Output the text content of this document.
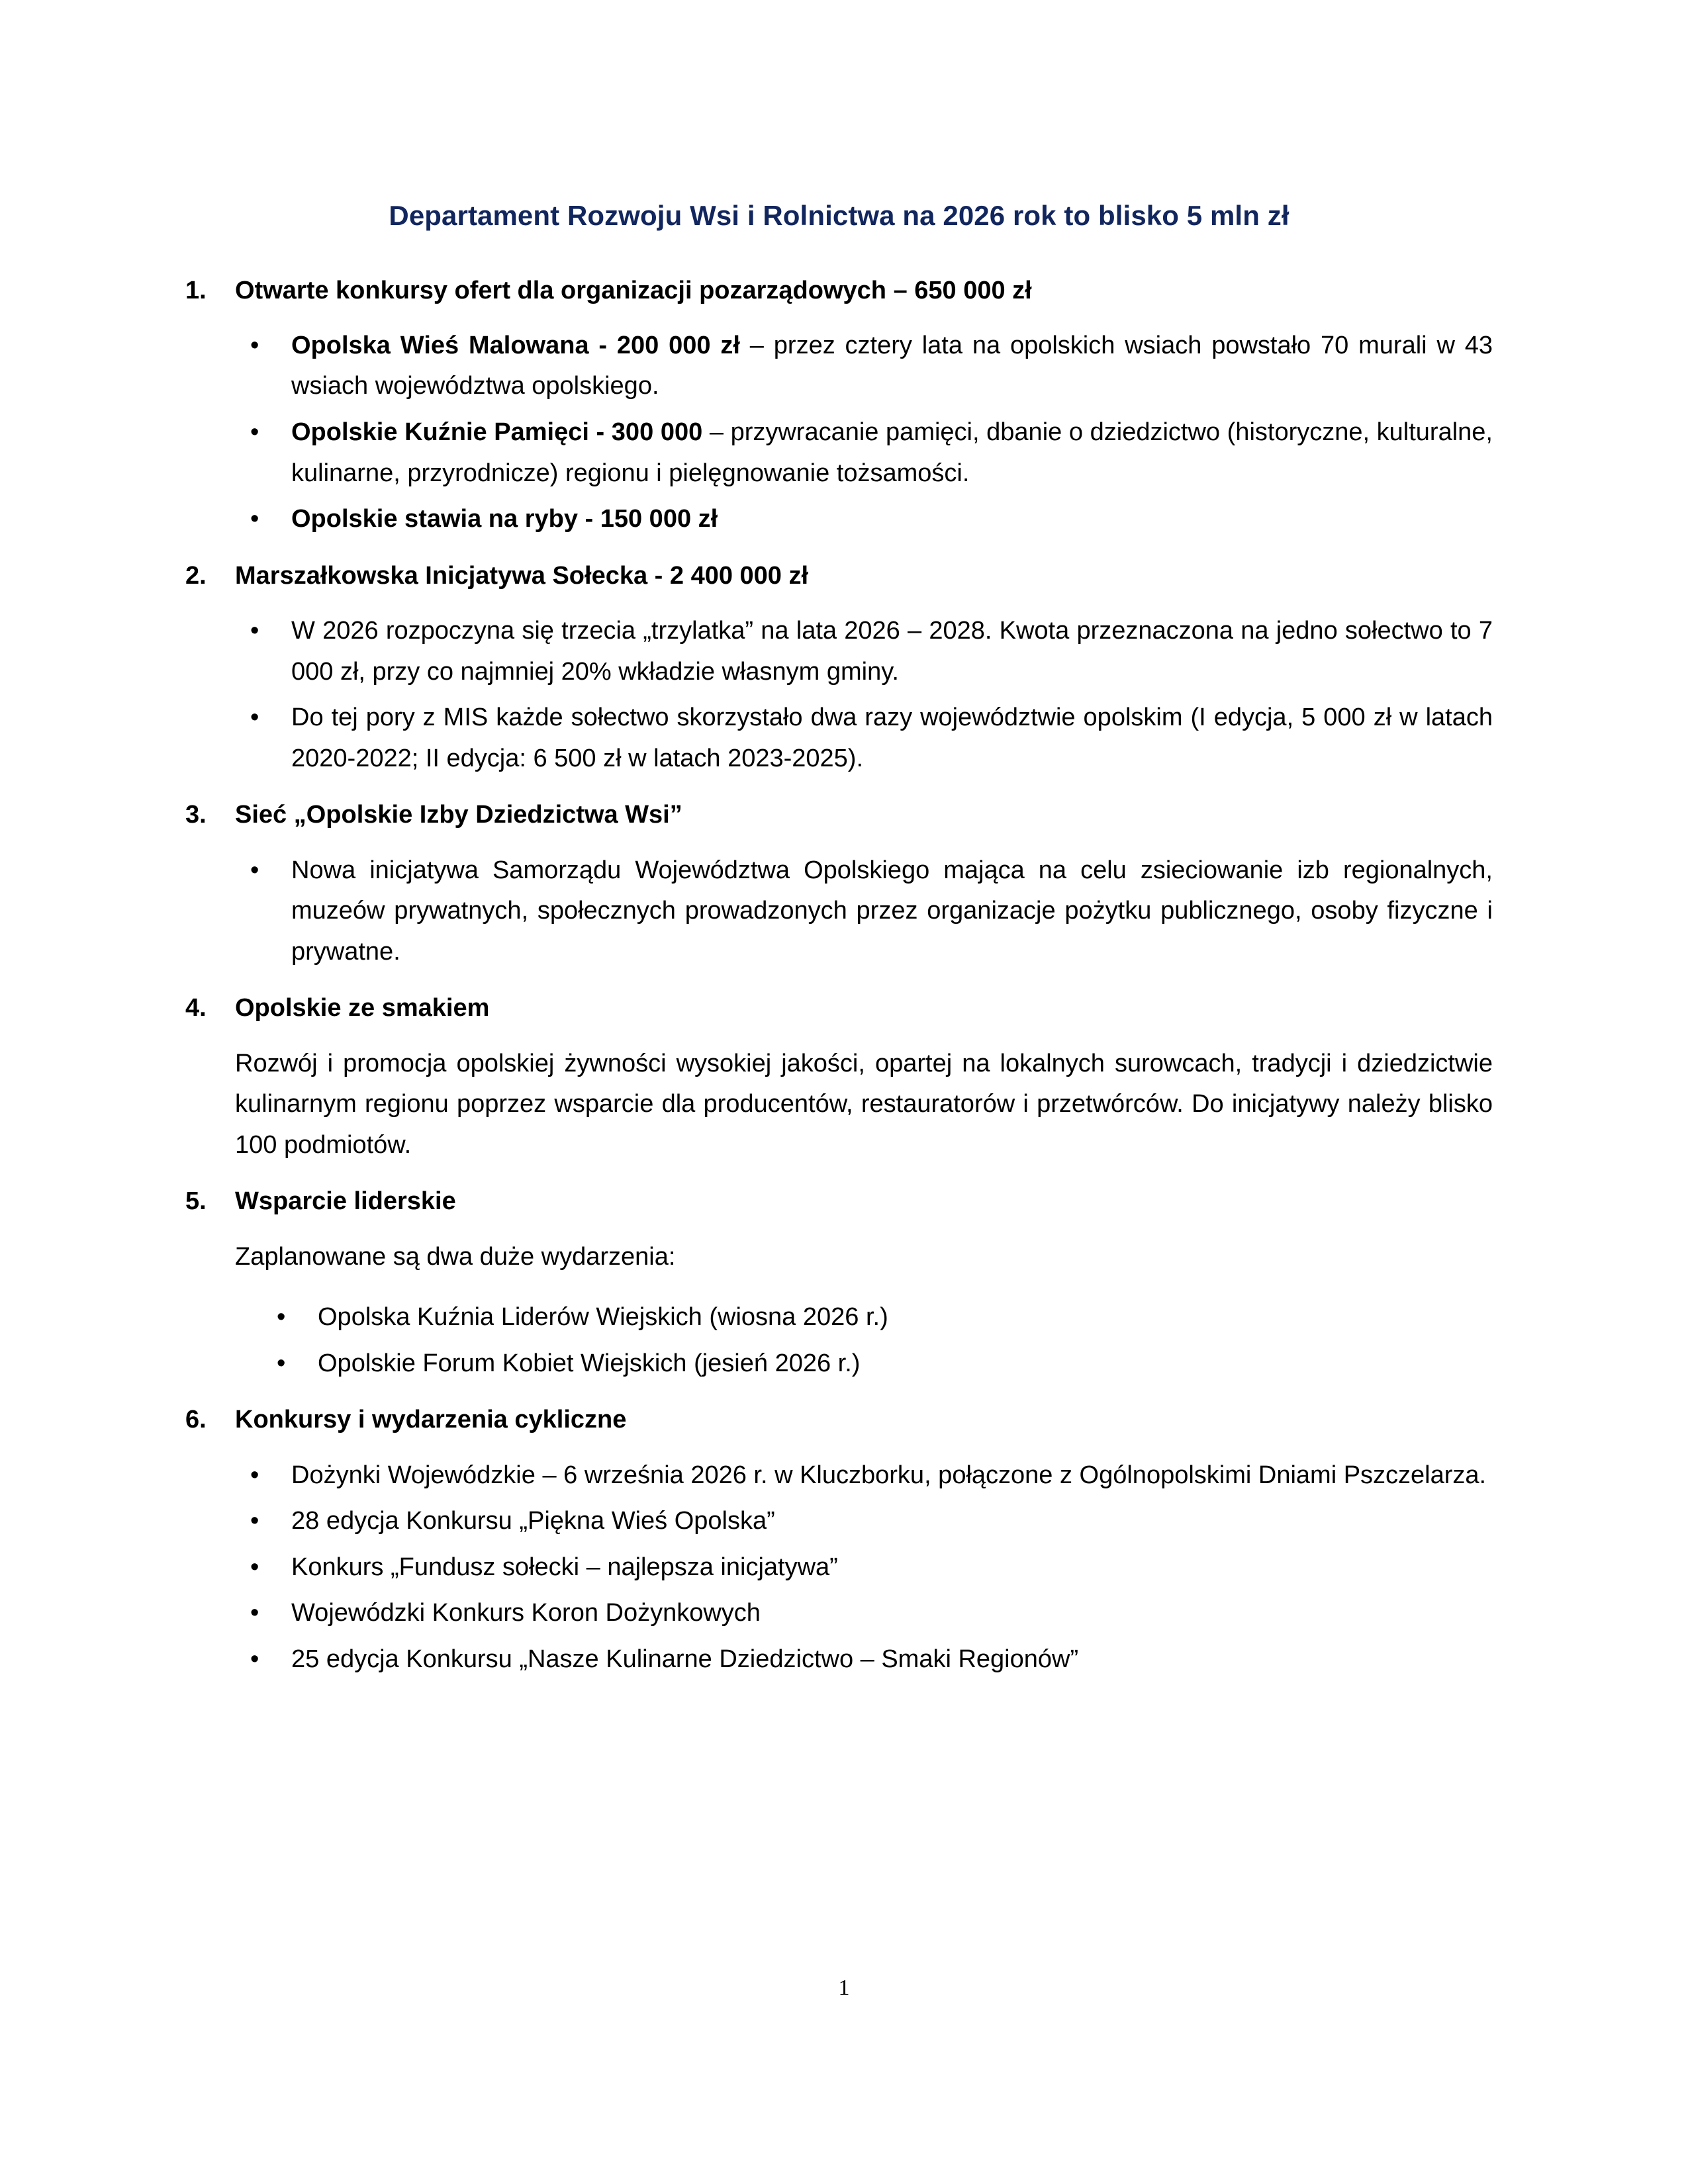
Departament Rozwoju Wsi i Rolnictwa na 2026 rok to blisko 5 mln zł
1.	Otwarte konkursy ofert dla organizacji pozarządowych – 650 000 zł
• Opolska Wieś Malowana - 200 000 zł – przez cztery lata na opolskich wsiach powstało 70 murali w 43 wsiach województwa opolskiego.
• Opolskie Kuźnie Pamięci - 300 000 – przywracanie pamięci, dbanie o dziedzictwo (historyczne, kulturalne, kulinarne, przyrodnicze) regionu i pielęgnowanie tożsamości.
• Opolskie stawia na ryby - 150 000 zł
2.	Marszałkowska Inicjatywa Sołecka - 2 400 000 zł
• W 2026 rozpoczyna się trzecia „trzylatka” na lata 2026 – 2028. Kwota przeznaczona na jedno sołectwo to 7 000 zł, przy co najmniej 20% wkładzie własnym gminy.
• Do tej pory z MIS każde sołectwo skorzystało dwa razy województwie opolskim (I edycja, 5 000 zł w latach 2020-2022; II edycja: 6 500 zł w latach 2023-2025).
3.	Sieć „Opolskie Izby Dziedzictwa Wsi”
• Nowa inicjatywa Samorządu Województwa Opolskiego mająca na celu zsieciowanie izb regionalnych, muzeów prywatnych, społecznych prowadzonych przez organizacje pożytku publicznego, osoby fizyczne i prywatne.
4.	Opolskie ze smakiem
Rozwój i promocja opolskiej żywności wysokiej jakości, opartej na lokalnych surowcach, tradycji i dziedzictwie kulinarnym regionu poprzez wsparcie dla producentów, restauratorów i przetwórców. Do inicjatywy należy blisko 100 podmiotów.
5.	Wsparcie liderskie
Zaplanowane są dwa duże wydarzenia:
• Opolska Kuźnia Liderów Wiejskich (wiosna 2026 r.)
• Opolskie Forum Kobiet Wiejskich (jesień 2026 r.)
6.	Konkursy i wydarzenia cykliczne
• Dożynki Wojewódzkie – 6 września 2026 r. w Kluczborku, połączone z Ogólnopolskimi Dniami Pszczelarza.
• 28 edycja Konkursu „Piękna Wieś Opolska”
• Konkurs „Fundusz sołecki – najlepsza inicjatywa”
• Wojewódzki Konkurs Koron Dożynkowych
• 25 edycja Konkursu „Nasze Kulinarne Dziedzictwo – Smaki Regionów”
1
